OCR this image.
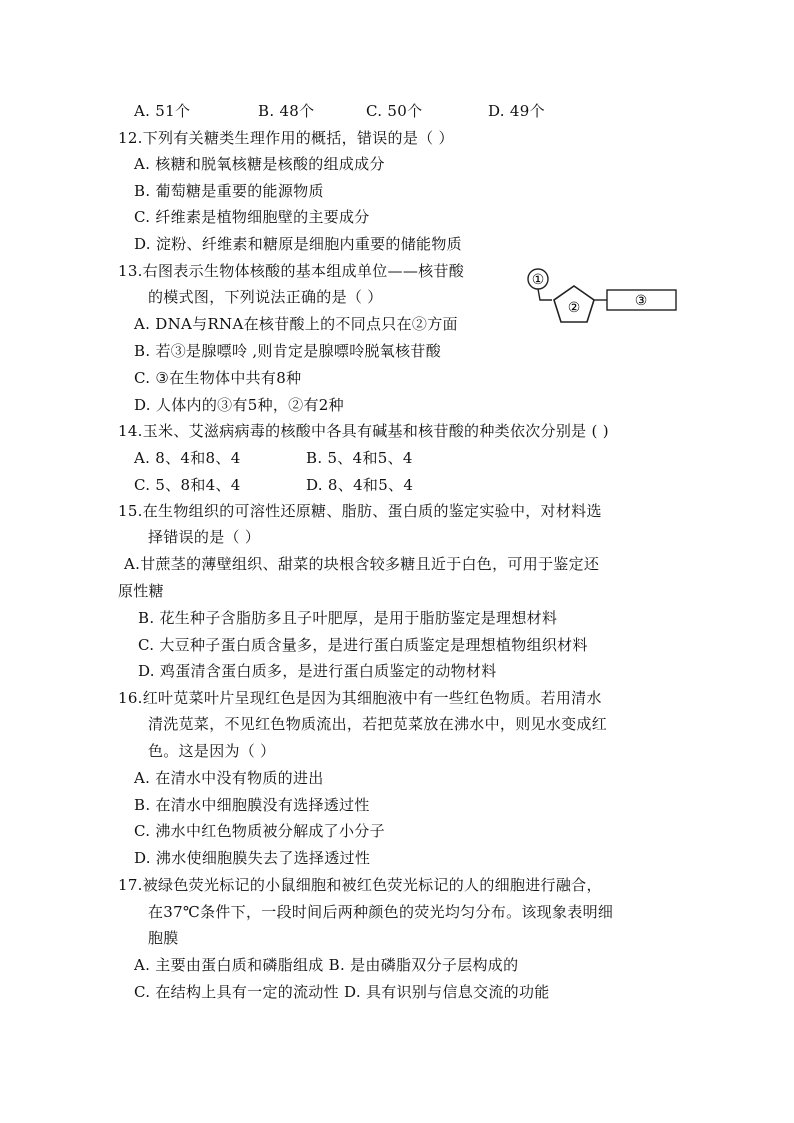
A. 51个	B. 48个	C. 50个	D. 49个
12.下列有关糖类生理作用的概括，错误的是（ ）
A. 核糖和脱氧核糖是核酸的组成成分
B. 葡萄糖是重要的能源物质
C. 纤维素是植物细胞壁的主要成分
D. 淀粉、纤维素和糖原是细胞内重要的储能物质
13.右图表示生物体核酸的基本组成单位——核苷酸
的模式图，下列说法正确的是（ ）
A. DNA与RNA在核苷酸上的不同点只在②方面
B. 若③是腺嘌呤 ,则肯定是腺嘌呤脱氧核苷酸
C. ③在生物体中共有8种
D. 人体内的③有5种，②有2种
①
②	③
14.玉米、艾滋病病毒的核酸中各具有碱基和核苷酸的种类依次分别是 ( )
A. 8、4和8、4	B. 5、4和5、4
C. 5、8和4、4	D. 8、4和5、4
15.在生物组织的可溶性还原糖、脂肪、蛋白质的鉴定实验中，对材料选
择错误的是（ ）
A.甘蔗茎的薄壁组织、甜菜的块根含较多糖且近于白色，可用于鉴定还
原性糖
B. 花生种子含脂肪多且子叶肥厚，是用于脂肪鉴定是理想材料
C. 大豆种子蛋白质含量多，是进行蛋白质鉴定是理想植物组织材料
D. 鸡蛋清含蛋白质多，是进行蛋白质鉴定的动物材料
16.红叶苋菜叶片呈现红色是因为其细胞液中有一些红色物质。若用清水
清洗苋菜，不见红色物质流出，若把苋菜放在沸水中，则见水变成红
色。这是因为（ ）
A. 在清水中没有物质的进出
B. 在清水中细胞膜没有选择透过性
C. 沸水中红色物质被分解成了小分子
D. 沸水使细胞膜失去了选择透过性
17.被绿色荧光标记的小鼠细胞和被红色荧光标记的人的细胞进行融合，
在37℃条件下，一段时间后两种颜色的荧光均匀分布。该现象表明细
胞膜
A. 主要由蛋白质和磷脂组成 B. 是由磷脂双分子层构成的
C. 在结构上具有一定的流动性 D. 具有识别与信息交流的功能
